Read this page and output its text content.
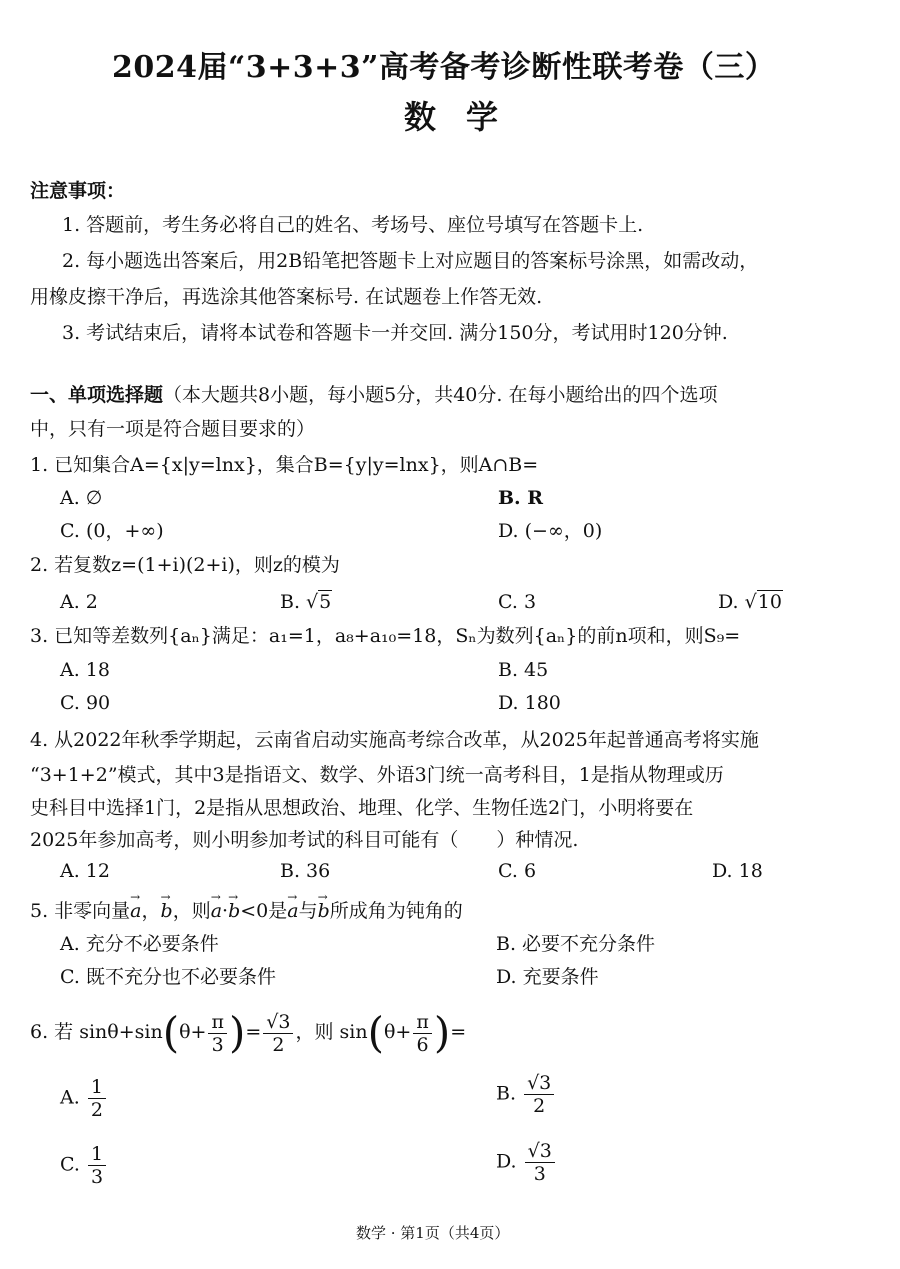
2024届“3+3+3”高考备考诊断性联考卷（三）
数学
注意事项：
1. 答题前，考生务必将自己的姓名、考场号、座位号填写在答题卡上.
2. 每小题选出答案后，用2B铅笔把答题卡上对应题目的答案标号涂黑，如需改动，
用橡皮擦干净后，再选涂其他答案标号. 在试题卷上作答无效.
3. 考试结束后，请将本试卷和答题卡一并交回. 满分150分，考试用时120分钟.
一、单项选择题（本大题共8小题，每小题5分，共40分. 在每小题给出的四个选项
中，只有一项是符合题目要求的）
1. 已知集合A={x|y=lnx}，集合B={y|y=lnx}，则A∩B=
A. ∅	B. R
C. (0，+∞)	D. (−∞，0)
2. 若复数z=(1+i)(2+i)，则z的模为
A. 2	B. √5	C. 3	D. √10
3. 已知等差数列{aₙ}满足：a₁=1，a₈+a₁₀=18，Sₙ为数列{aₙ}的前n项和，则S₉=
A. 18	B. 45
C. 90	D. 180
4. 从2022年秋季学期起，云南省启动实施高考综合改革，从2025年起普通高考将实施
“3+1+2”模式，其中3是指语文、数学、外语3门统一高考科目，1是指从物理或历
史科目中选择1门，2是指从思想政治、地理、化学、生物任选2门，小明将要在
2025年参加高考，则小明参加考试的科目可能有（　　）种情况.
A. 12	B. 36	C. 6	D. 18
5. 非零向量→ a，→ b，则→ a·→ b<0是→ a与→ b所成角为钝角的
A. 充分不必要条件	B. 必要不充分条件
C. 既不充分也不必要条件	D. 充要条件
6. 若 $\sin\theta+\sin(\theta+ \frac{\pi}{3}$ )= $\frac{√3}{2}$ ，则 $\sin(\theta+ \frac{\pi}{6}$ )=
A. $\frac{1}{2}$	B. $\frac{√3}{2}$
C. $\frac{1}{3}$	D. $\frac{√3}{3}$
数学 · 第1页（共4页）
